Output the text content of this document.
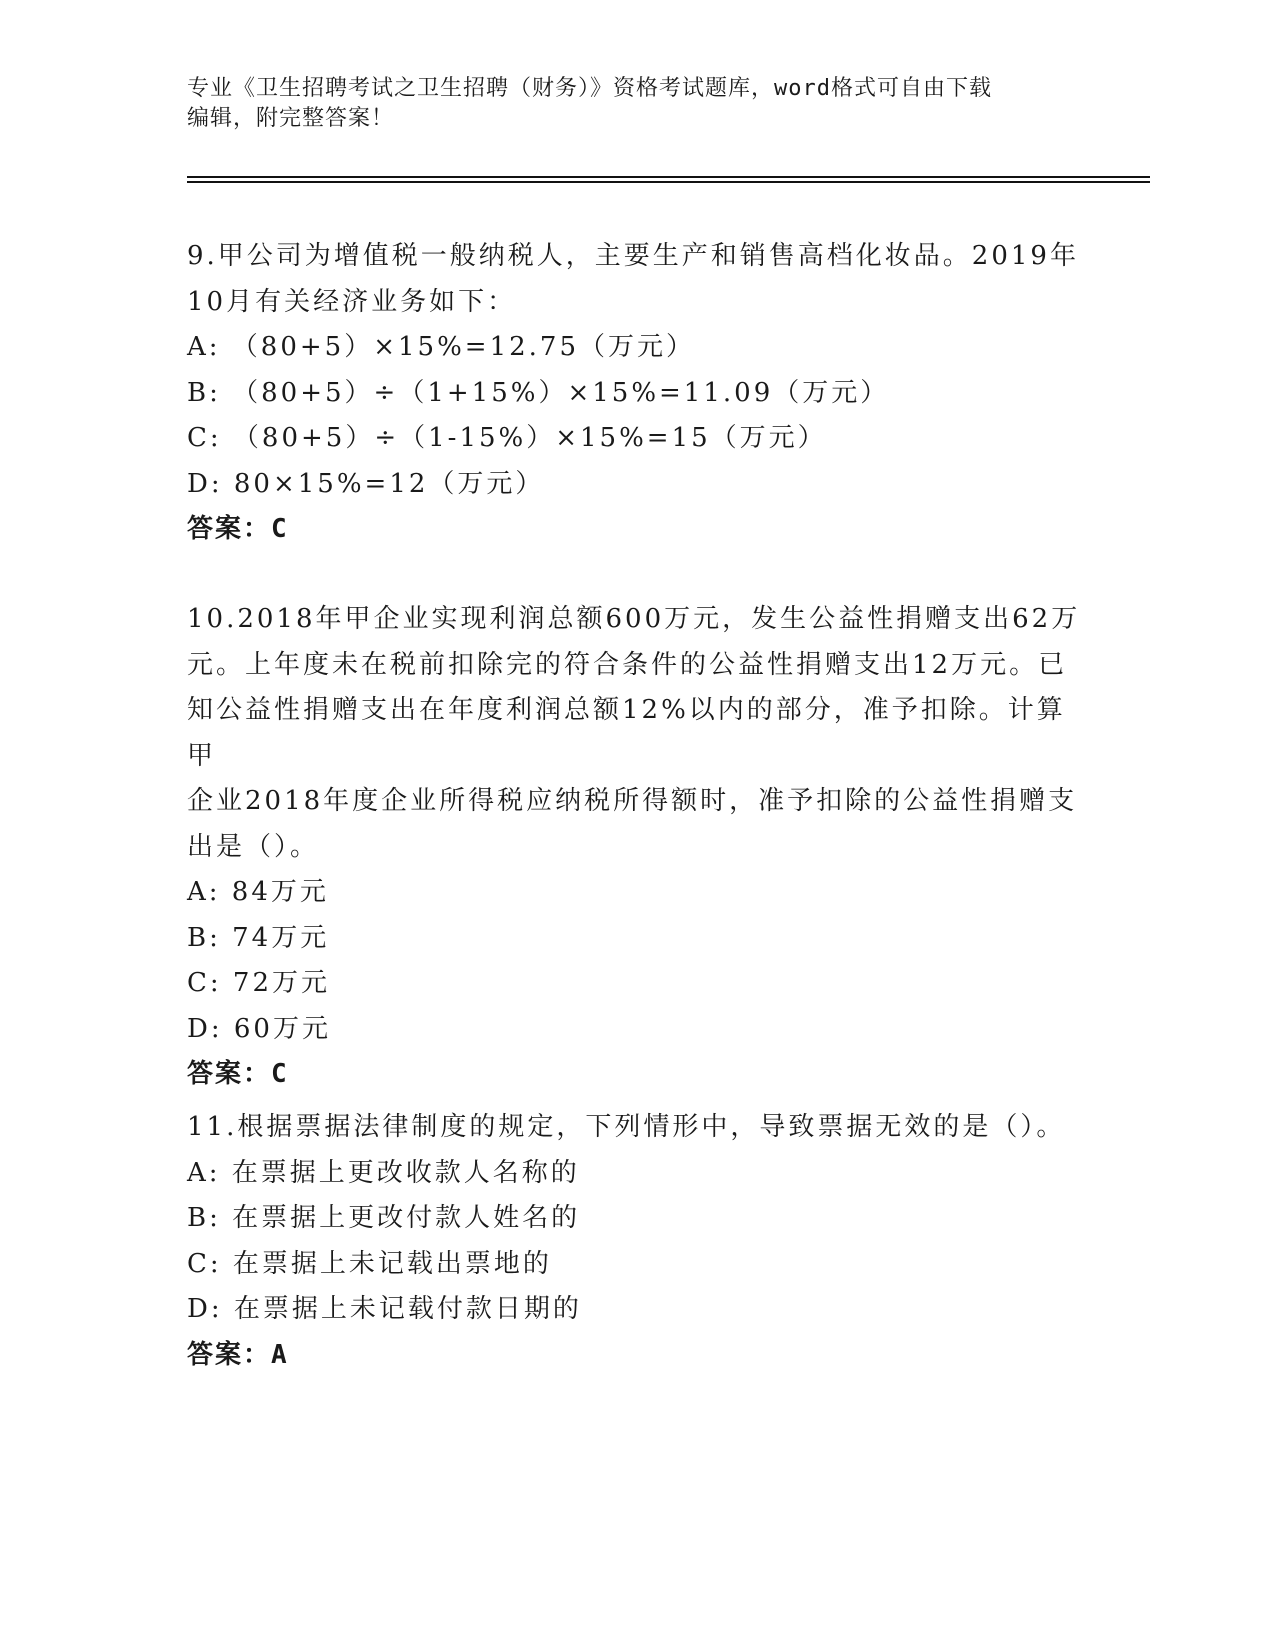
专业《卫生招聘考试之卫生招聘（财务）》资格考试题库，word格式可自由下载
编辑，附完整答案！

9.甲公司为增值税一般纳税人，主要生产和销售高档化妆品。2019年

10月有关经济业务如下：

A: （80+5）×15%=12.75（万元）

B: （80+5）÷（1+15%）×15%=11.09（万元）

C: （80+5）÷（1-15%）×15%=15（万元）

D: 80×15%=12（万元）

答案：C

10.2018年甲企业实现利润总额600万元，发生公益性捐赠支出62万

元。上年度未在税前扣除完的符合条件的公益性捐赠支出12万元。已

知公益性捐赠支出在年度利润总额12%以内的部分，准予扣除。计算甲

企业2018年度企业所得税应纳税所得额时，准予扣除的公益性捐赠支

出是（）。

A: 84万元

B: 74万元

C: 72万元

D: 60万元

答案：C

11.根据票据法律制度的规定，下列情形中，导致票据无效的是（）。

A: 在票据上更改收款人名称的

B: 在票据上更改付款人姓名的

C: 在票据上未记载出票地的

D: 在票据上未记载付款日期的

答案：A
